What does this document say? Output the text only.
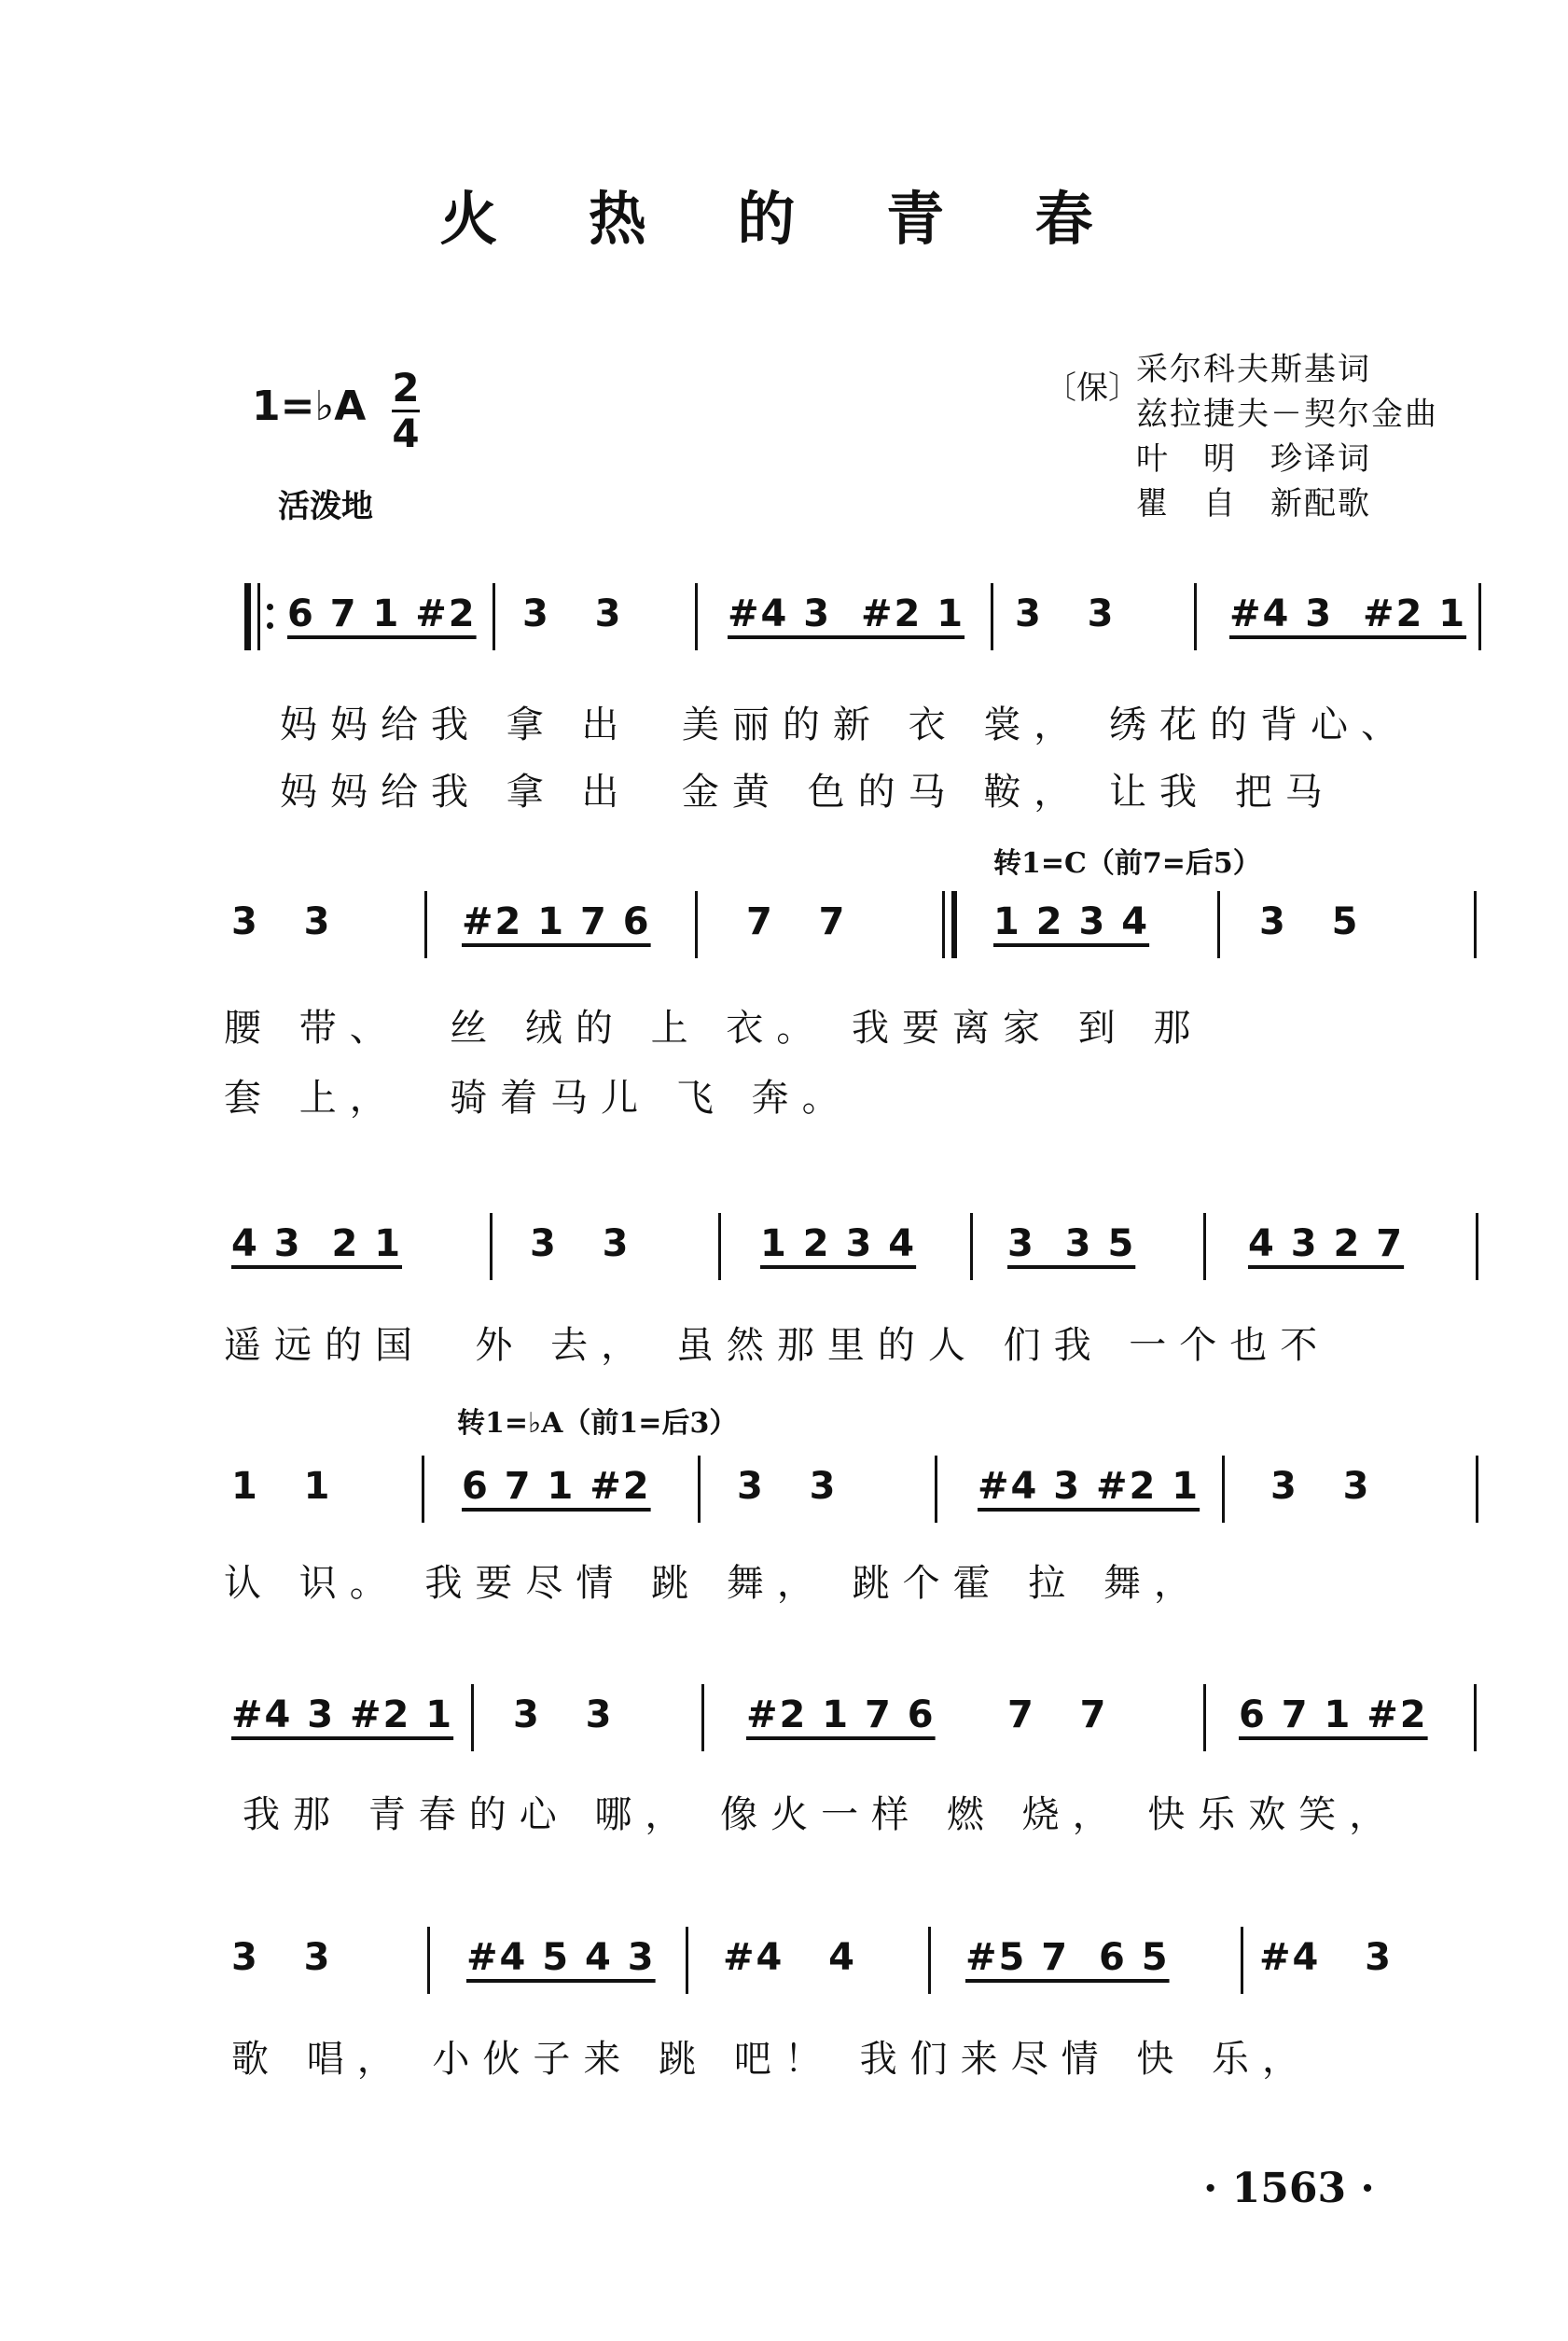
火 热 的 青 春
1=♭A 2
4
活泼地
〔保〕
采尔科夫斯基词
兹拉捷夫－契尔金曲
叶　明　珍译词
瞿　自　新配歌
6 7 1 #2 3   3	#4 3  #2 1 3   3	#4 3  #2 1
妈妈给我 拿 出  美丽的新 衣 裳， 绣花的背心、
妈妈给我 拿 出  金黄 色的马 鞍， 让我 把马
转1=C（前7=后5）
3   3	#2 1 7 6	7   7	1 2 3 4	3   5
腰 带、  丝 绒的 上 衣。 我要离家 到 那
套 上，  骑着马儿 飞 奔。
4 3  2 1	3   3	1 2 3 4 3  3 5	4 3 2 7
遥远的国  外 去， 虽然那里的人 们我 一个也不
转1=♭A（前1=后3）
1   1	6 7 1 #2 3   3	#4 3 #2 1 3   3
认 识。 我要尽情 跳 舞， 跳个霍 拉 舞，
#4 3 #2 1 3   3	#2 1 7 6 7   7	6 7 1 #2
我那 青春的心 哪， 像火一样 燃 烧， 快乐欢笑，
3   3	#4 5 4 3 #4   4	#5 7  6 5 #4   3
歌 唱， 小伙子来 跳 吧！ 我们来尽情 快 乐，
· 1563 ·
